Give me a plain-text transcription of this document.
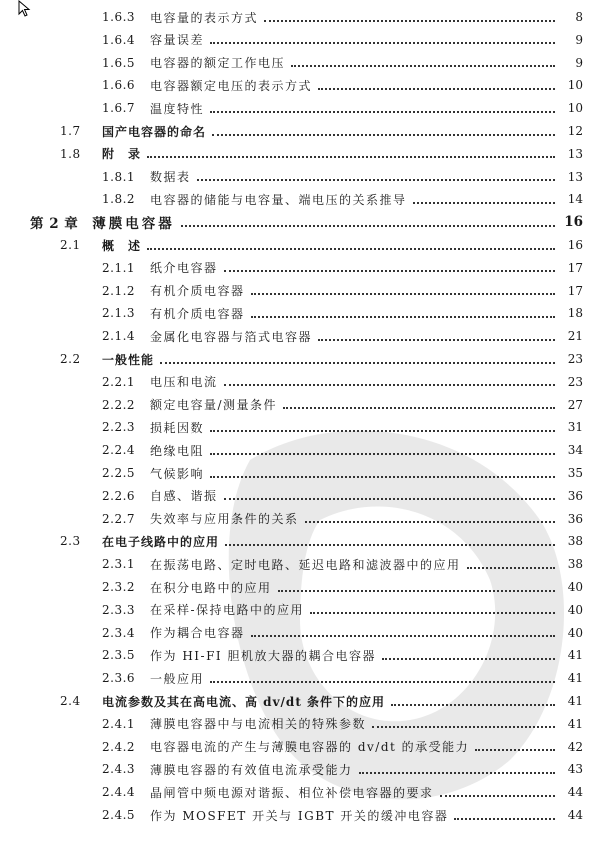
1.6.3 电容量的表示方式	8
1.6.4 容量误差	9
1.6.5 电容器的额定工作电压	9
1.6.6 电容器额定电压的表示方式	10
1.6.7 温度特性	10
1.7	国产电容器的命名	12
1.8	附　录	13
1.8.1 数据表	13
1.8.2 电容器的储能与电容量、端电压的关系推导	14
第 2 章 薄膜电容器	16
2.1	概　述	16
2.1.1 纸介电容器	17
2.1.2 有机介质电容器	17
2.1.3 有机介质电容器	18
2.1.4 金属化电容器与箔式电容器	21
2.2	一般性能	23
2.2.1 电压和电流	23
2.2.2 额定电容量/测量条件	27
2.2.3 损耗因数	31
2.2.4 绝缘电阻	34
2.2.5 气候影响	35
2.2.6 自感、谐振	36
2.2.7 失效率与应用条件的关系	36
2.3	在电子线路中的应用	38
2.3.1 在振荡电路、定时电路、延迟电路和滤波器中的应用	38
2.3.2 在积分电路中的应用	40
2.3.3 在采样-保持电路中的应用	40
2.3.4 作为耦合电容器	40
2.3.5 作为 HI-FI 胆机放大器的耦合电容器	41
2.3.6 一般应用	41
2.4	电流参数及其在高电流、高 dv/dt 条件下的应用	41
2.4.1 薄膜电容器中与电流相关的特殊参数	41
2.4.2 电容器电流的产生与薄膜电容器的 dv/dt 的承受能力	42
2.4.3 薄膜电容器的有效值电流承受能力	43
2.4.4 晶闸管中频电源对谐振、相位补偿电容器的要求	44
2.4.5 作为 MOSFET 开关与 IGBT 开关的缓冲电容器	44
